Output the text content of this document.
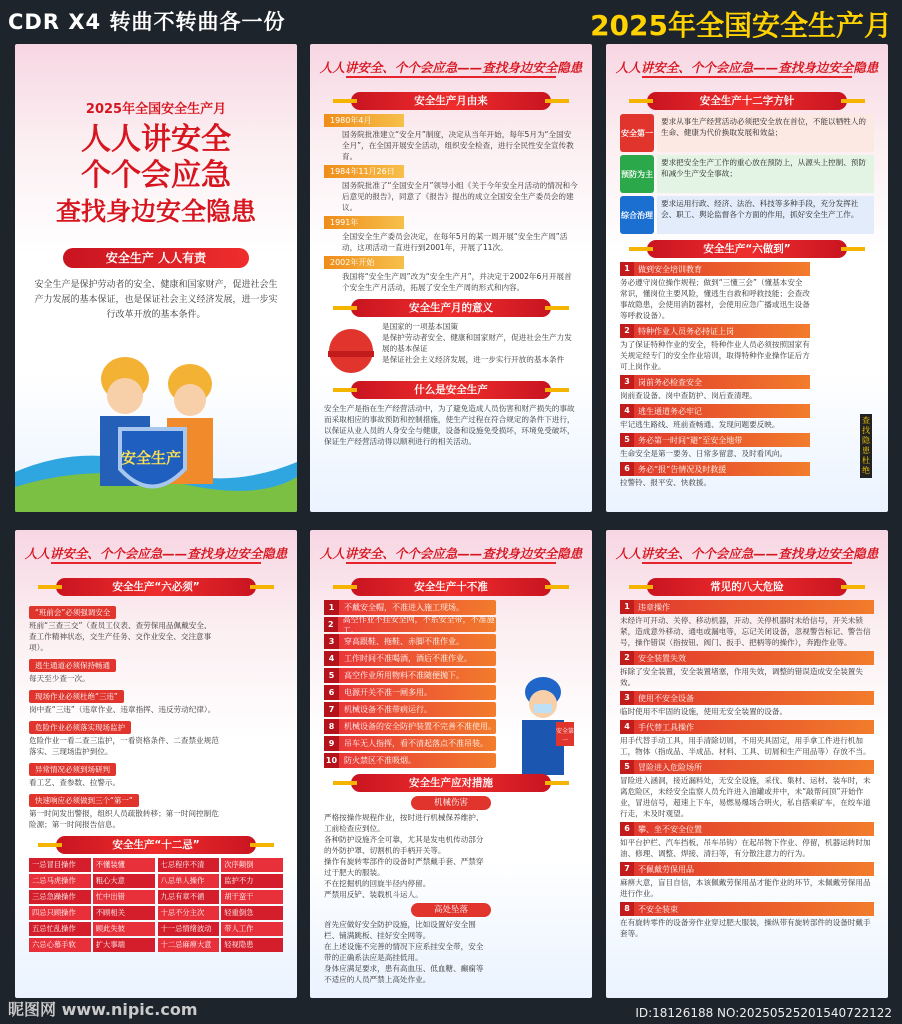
CDR X4 转曲不转曲各一份	2025年全国安全生产月
2025年全国安全生产月
人人讲安全
个个会应急
查找身边安全隐患
安全生产 人人有责
安全生产是保护劳动者的安全、健康和国家财产，促进社会生产力发展的基本保证，也是保证社会主义经济发展，进一步实行改革开放的基本条件。
安全生产
人人讲安全、个个会应急——查找身边安全隐患
安全生产月由来
1980年4月
国务院批准建立“安全月”制度，决定从当年开始，每年5月为“全国安全月”，在全国开展安全活动，组织安全检查，进行全民性安全宣传教育。
1984年11月26日
国务院批准了“全国安全月”领导小组《关于今年安全月活动的情况和今后意见的报告》，同意了《报告》提出的成立全国安全生产委员会的建议。
1991年
全国安全生产委员会决定，在每年5月的某一周开展“安全生产周”活动，这项活动一直进行到2001年，开展了11次。
2002年开始
我国将“安全生产周”改为“安全生产月”，并决定于2002年6月开展首个安全生产月活动，拓展了安全生产周的形式和内容。
安全生产月的意义
是国家的一项基本国策
是保护劳动者安全、健康和国家财产，促进社会生产力发展的基本保证
是保证社会主义经济发展，进一步实行开放的基本条件
什么是安全生产
安全生产是指在生产经营活动中，为了避免造成人员伤害和财产损失的事故而采取相应的事故预防和控制措施，使生产过程在符合规定的条件下进行，以保证从业人员的人身安全与健康，设备和设施免受损坏，环境免受破坏，保证生产经营活动得以顺利进行的相关活动。
人人讲安全、个个会应急——查找身边安全隐患
安全生产十二字方针
安全第一
要求从事生产经营活动必须把安全放在首位，不能以牺牲人的生命、健康为代价换取发展和效益；
预防为主
要求把安全生产工作的重心放在预防上，从源头上控制、预防和减少生产安全事故；
综合治理
要求运用行政、经济、法治、科技等多种手段，充分发挥社会、职工、舆论监督各个方面的作用，抓好安全生产工作。
安全生产“六做到”
1	做到安全培训教育
务必遵守岗位操作规程；做到“三懂三会”（懂基本安全常识，懂岗位主要风险，懂逃生自救和呼救技能；会查改事故隐患，会使用消防器材，会使用应急广播或迅生设备等呼救设备）。
2	特种作业人员务必持证上岗
为了保证特种作业的安全，特种作业人员必须按照国家有关规定经专门的安全作业培训，取得特种作业操作证后方可上岗作业。
3	岗前务必检查安全
岗前查设备、岗中查防护、岗后查清理。
4	逃生通道务必牢记
牢记逃生路线、班前查畅通、发现问题要反映。
5	务必第一时间“避”至安全地带
生命安全是第一要务、日常多留意、及时看风向。
6	务必“报”告情况及时救援
拉警铃、报平安、快救援。
查找隐患杜绝
人人讲安全、个个会应急——查找身边安全隐患
安全生产“六必须”
“班前会”必须强调安全
班前“三查三交”（查员工仪表、查劳保用品佩戴安全、查工作精神状态，交生产任务、交作业安全、交注意事项）。
逃生通道必须保持畅通
每天至少查一次。
现场作业必须杜绝“三违”
岗中查“三违”（违章作业、违章指挥、违反劳动纪律）。
危险作业必须落实现场监护
危险作业一看二查三监护，一看资格条件、二查禁业规范落实、三现场监护到位。
异常情况必须到场研判
看工艺、查参数、拉警示。
快速响应必须做到三个“第一”
第一时间发出警报，组织人员疏散转移；第一时间控制危险源；第一时间报告信息。
安全生产“十二忌”
一忌冒目操作	不懂装懂
二忌马虎操作	粗心大意
三忌急躁操作	忙中出错
四忌只顾操作	不顾相关
五忌忙乱操作	顾此失彼
六忌心慕手软	扩大事端
七忌程序不清	次序颠倒
八忌单人操作	监护不力
九忌有章不循	胡干蛮干
十忌不分主次	轻重倒急
十一忌情绪波动	带人工作
十二忌麻痹大意	轻视隐患
人人讲安全、个个会应急——查找身边安全隐患
安全生产十不准
1	不戴安全帽，不准进入施工现场。
2
高空作业不挂安全网，不系安全带，不准施工。
3	穿高跟鞋、拖鞋、赤脚不准作业。
4	工作时间不准喝酒，酒后不准作业。
5	高空作业所用物料不准随便抛下。
6	电源开关不准一闸多用。
7	机械设备不准带病运行。
8	机械设备的安全防护装置不完善不准使用。
9	吊车无人指挥，看不清起落点不准吊装。
10 防火禁区不准吸烟。
安全第一
安全生产应对措施
机械伤害
严格按操作规程作业，按时进行机械保养维护、工前检查应到位。
各种防护设施齐全可靠，尤其是发电机传动部分的外防护罩、切割机的手柄开关等。
操作有旋转零部件的设备时严禁戴手套、严禁穿过于肥大的服装。
不在挖掘机的回旋半径内停留。
严禁用反铲、装载机斗运人。
高处坠落
首先应做好安全防护设施，比如设置好安全围栏、铺满跳板、挂好安全网等。
在上述设施不完善的情况下应系挂安全带，安全带的正确系法应是高挂低用。
身体应满足要求，患有高血压、低血糖、癫痫等不适应的人员严禁上高处作业。
人人讲安全、个个会应急——查找身边安全隐患
常见的八大危险
1	违章操作
未经许可开动、关停、移动机器，开动、关停机器时未给信号，开关未锁紧，造成意外移动、通电或漏电等，忘记关闭设备，忽视警告标记、警告信号，操作错误（指按钮、阀门、扳手、把柄等的操作），奔跑作业等。
2	安全装置失效
拆除了安全装置，安全装置堵塞，作用失效，调整的错误造成安全装置失效。
3	使用不安全设备
临时使用不牢固的设施，使用无安全装置的设备。
4	手代替工具操作
用手代替手动工具，用手清除切屑，不用夹具固定，用手拿工件进行机加工，物体（指成品、半成品、材料、工具、切屑和生产用品等）存放不当。
5	冒险进入危险场所
冒险进入涵洞，接近漏料处，无安全设施，采伐、集材、运材、装车时，未离危险区，未经安全监察人员允许进入油罐或井中，未“敲帮问顶”开始作业，冒进信号，超速上下车，易燃易爆场合明火，私自搭乘矿车，在绞车道行走，未及时观望。
6	攀、坐不安全位置
如平台护栏、汽车挡板、吊车吊钩）在起吊物下作业、停留，机器运转时加油、修理、调整、焊接、清扫等，有分散注意力的行为。
7	不佩戴劳保用品
麻痹大意，盲目自信，本该佩戴劳保用品才能作业的环节，未佩戴劳保用品进行作业。
8	不安全装束
在有旋转零件的设备旁作业穿过肥大服装，操纵带有旋转部件的设备时戴手套等。
昵图网 www.nipic.com	ID:18126188 NO:20250525201540722122
